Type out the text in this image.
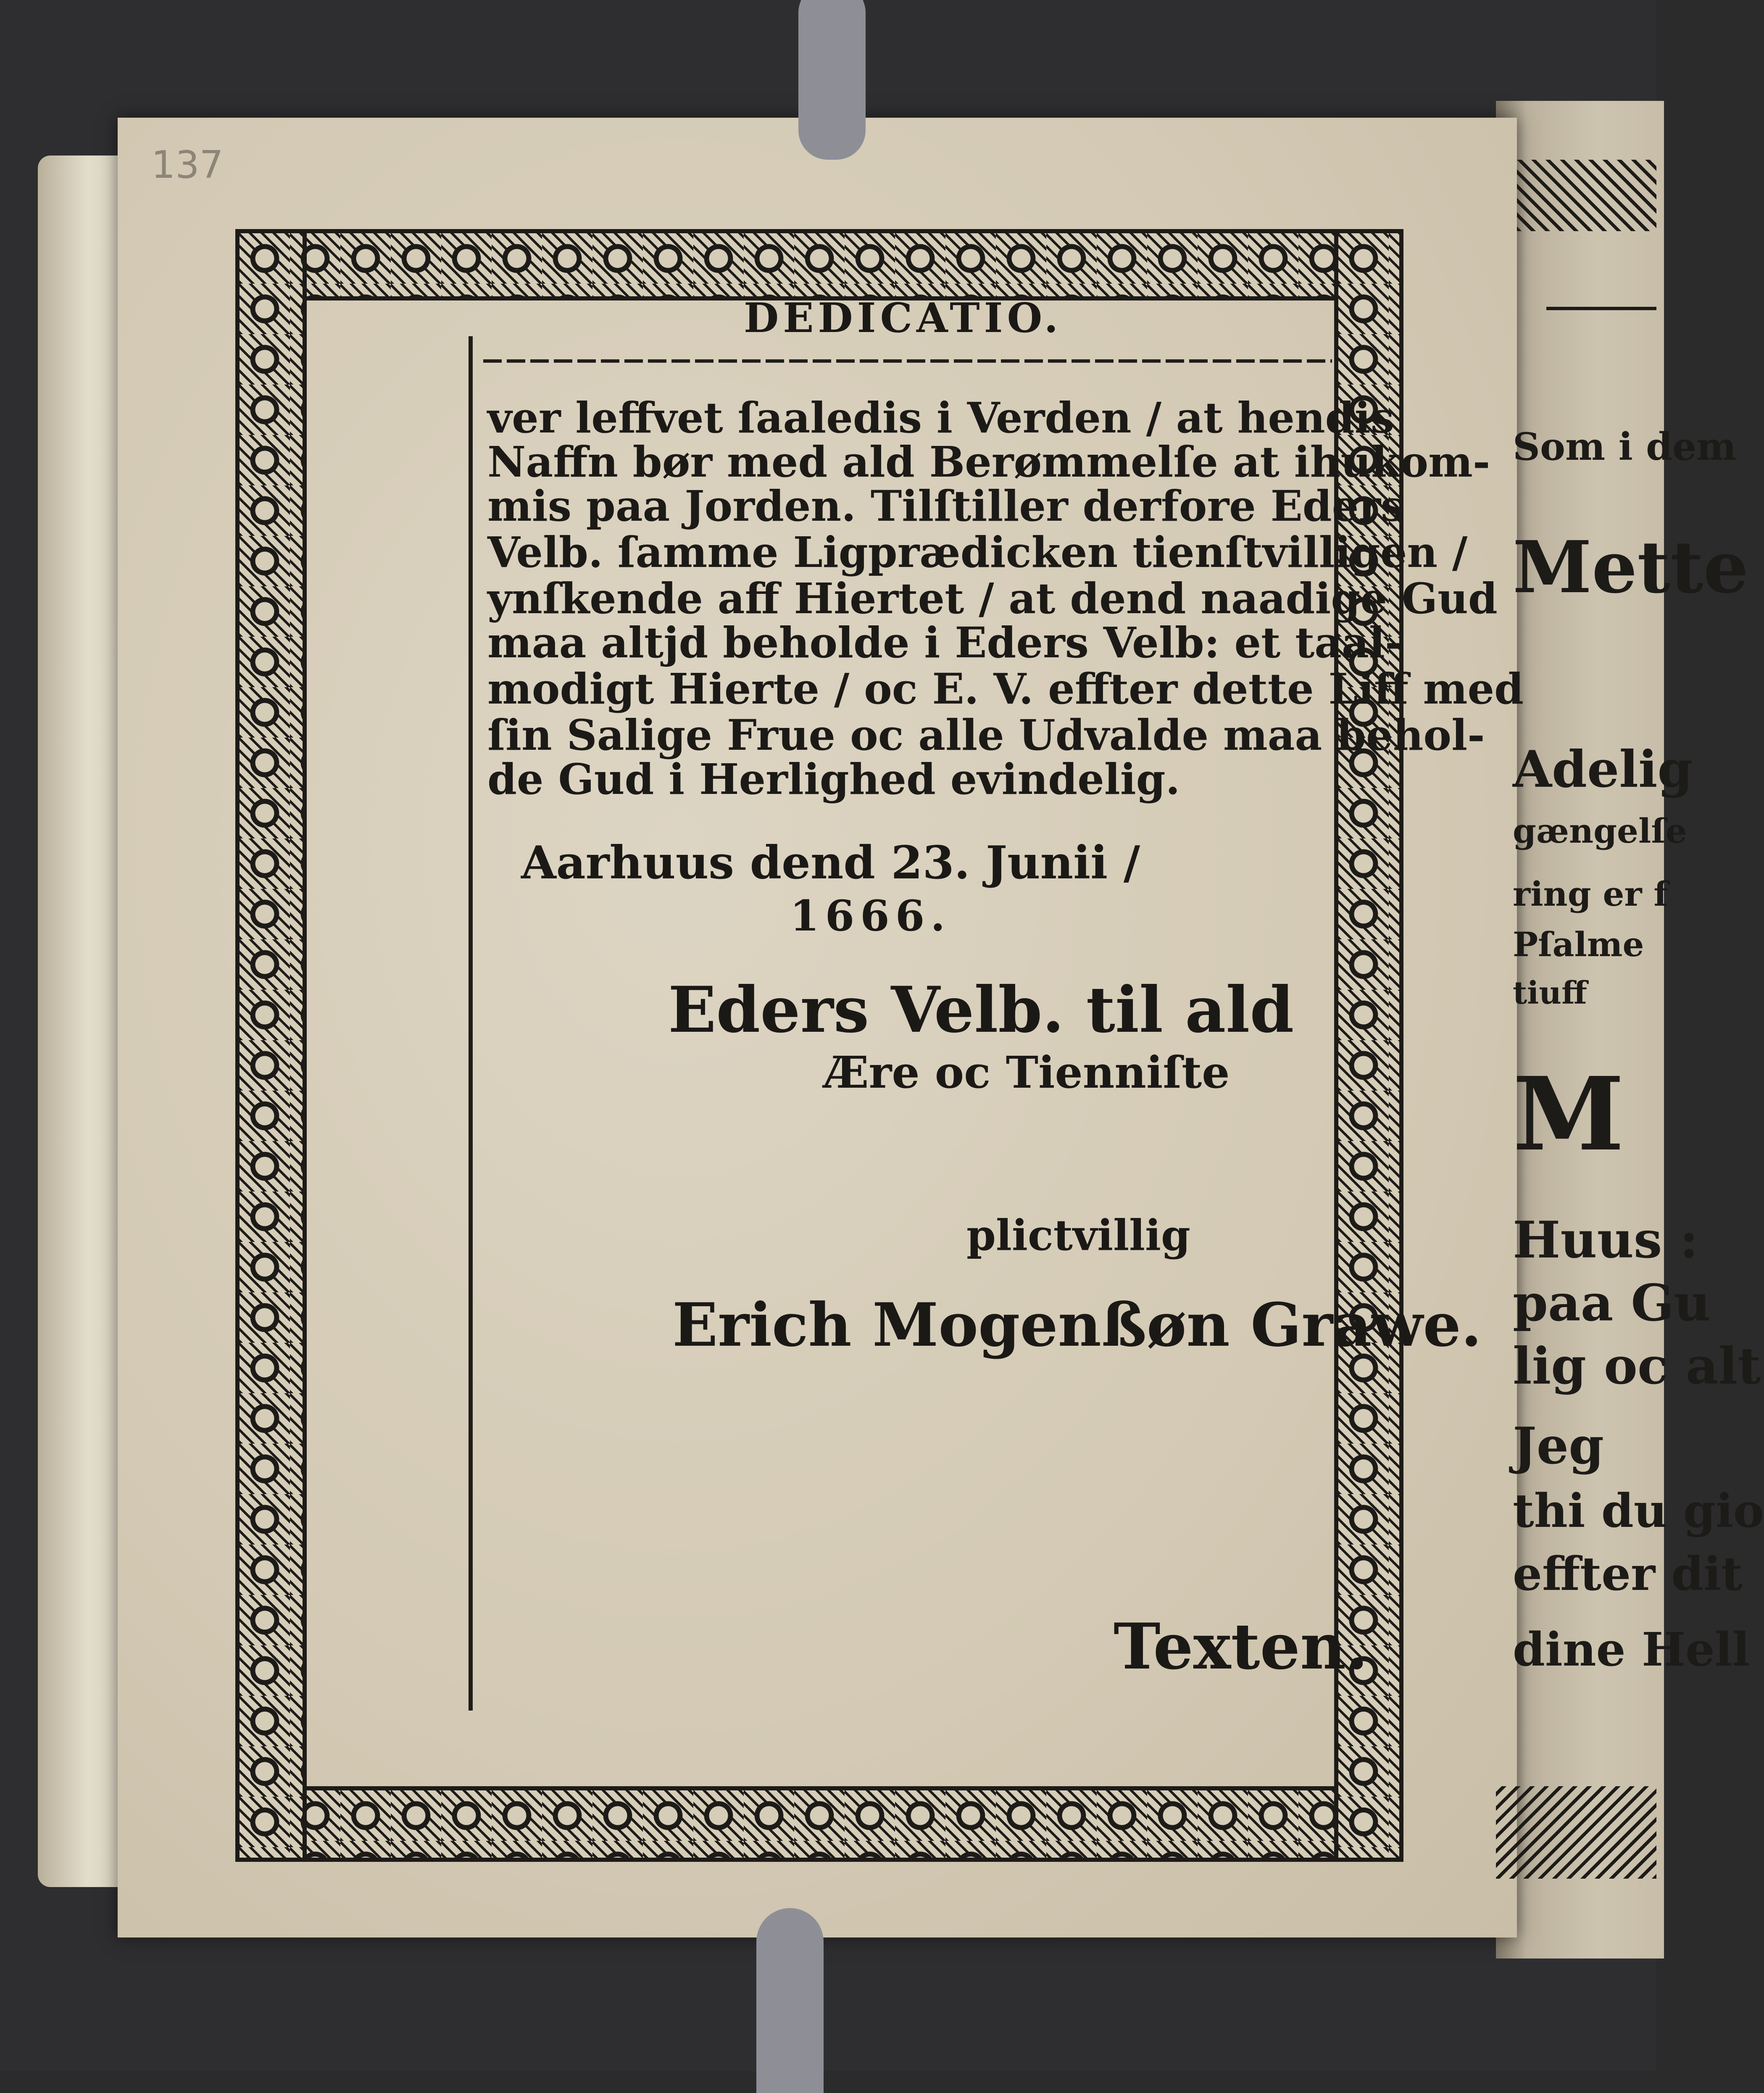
137
DEDICATIO.
ver leffvet ſaaledis i Verden / at hendis
Naffn bør med ald Berømmelſe at ihukom-
mis paa Jorden. Tilſtiller derfore Eders
Velb. ſamme Ligprædicken tienſtvilligen /
ynſkende aff Hiertet / at dend naadige Gud
maa altjd beholde i Eders Velb: et taal-
modigt Hierte / oc E. V. effter dette Liff med
ſin Salige Frue oc alle Udvalde maa behol-
de Gud i Herlighed evindelig.
Aarhuus dend 23. Junii /
1666.
Eders Velb. til ald
Ære oc Tienniſte
plictvillig
Erich Mogenßøn Grawe.
Texten.
Som i dem
Mette
Adelig
gængelſe
ring er f
Pſalme
tiuff
M
Huus :
paa Gu
lig oc alt
Jeg
thi du gio
effter dit
dine Hell
